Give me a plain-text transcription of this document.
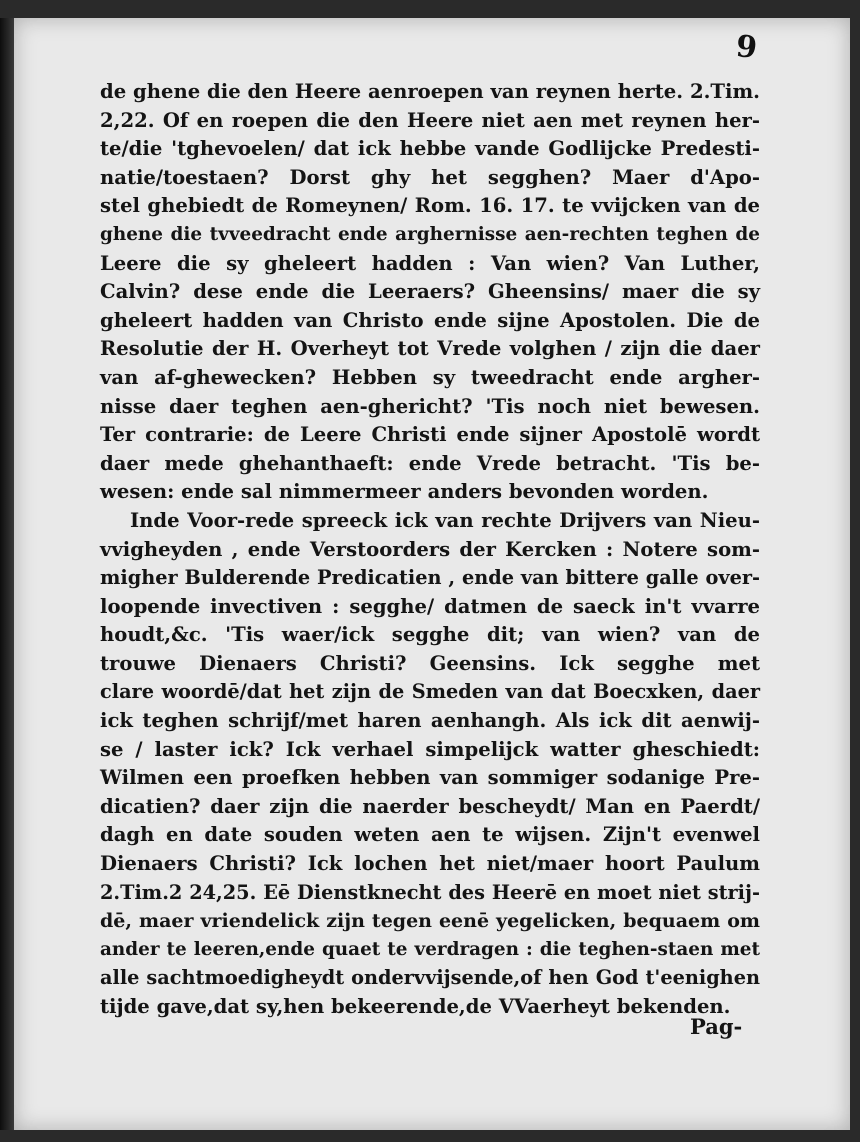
9
de ghene die den Heere aenroepen van reynen herte. 2.Tim.
2,22. Of en roepen die den Heere niet aen met reynen her-
te/die 'tghevoelen/ dat ick hebbe vande Godlijcke Predesti-
natie/toestaen? Dorst ghy het segghen? Maer d'Apo-
stel ghebiedt de Romeynen/ Rom. 16. 17. te vvijcken van de
ghene die tvveedracht ende arghernisse aen-rechten teghen de
Leere die sy gheleert hadden : Van wien? Van Luther,
Calvin? dese ende die Leeraers? Gheensins/ maer die sy
gheleert hadden van Christo ende sijne Apostolen. Die de
Resolutie der H. Overheyt tot Vrede volghen / zijn die daer
van af-ghewecken? Hebben sy tweedracht ende argher-
nisse daer teghen aen-ghericht? 'Tis noch niet bewesen.
Ter contrarie: de Leere Christi ende sijner Apostolē wordt
daer mede ghehanthaeft: ende Vrede betracht. 'Tis be-
wesen: ende sal nimmermeer anders bevonden worden.
Inde Voor-rede spreeck ick van rechte Drijvers van Nieu-
vvigheyden , ende Verstoorders der Kercken : Notere som-
migher Bulderende Predicatien , ende van bittere galle over-
loopende invectiven : segghe/ datmen de saeck in't vvarre
houdt,&c. 'Tis waer/ick segghe dit; van wien? van de
trouwe Dienaers Christi? Geensins. Ick segghe met
clare woordē/dat het zijn de Smeden van dat Boecxken, daer
ick teghen schrijf/met haren aenhangh. Als ick dit aenwij-
se / laster ick? Ick verhael simpelijck watter gheschiedt:
Wilmen een proefken hebben van sommiger sodanige Pre-
dicatien? daer zijn die naerder bescheydt/ Man en Paerdt/
dagh en date souden weten aen te wijsen. Zijn't evenwel
Dienaers Christi? Ick lochen het niet/maer hoort Paulum
2.Tim.2 24,25. Eē Dienstknecht des Heerē en moet niet strij-
dē, maer vriendelick zijn tegen eenē yegelicken, bequaem om
ander te leeren,ende quaet te verdragen : die teghen-staen met
alle sachtmoedigheydt ondervvijsende,of hen God t'eenighen
tijde gave,dat sy,hen bekeerende,de VVaerheyt bekenden.
Pag-
